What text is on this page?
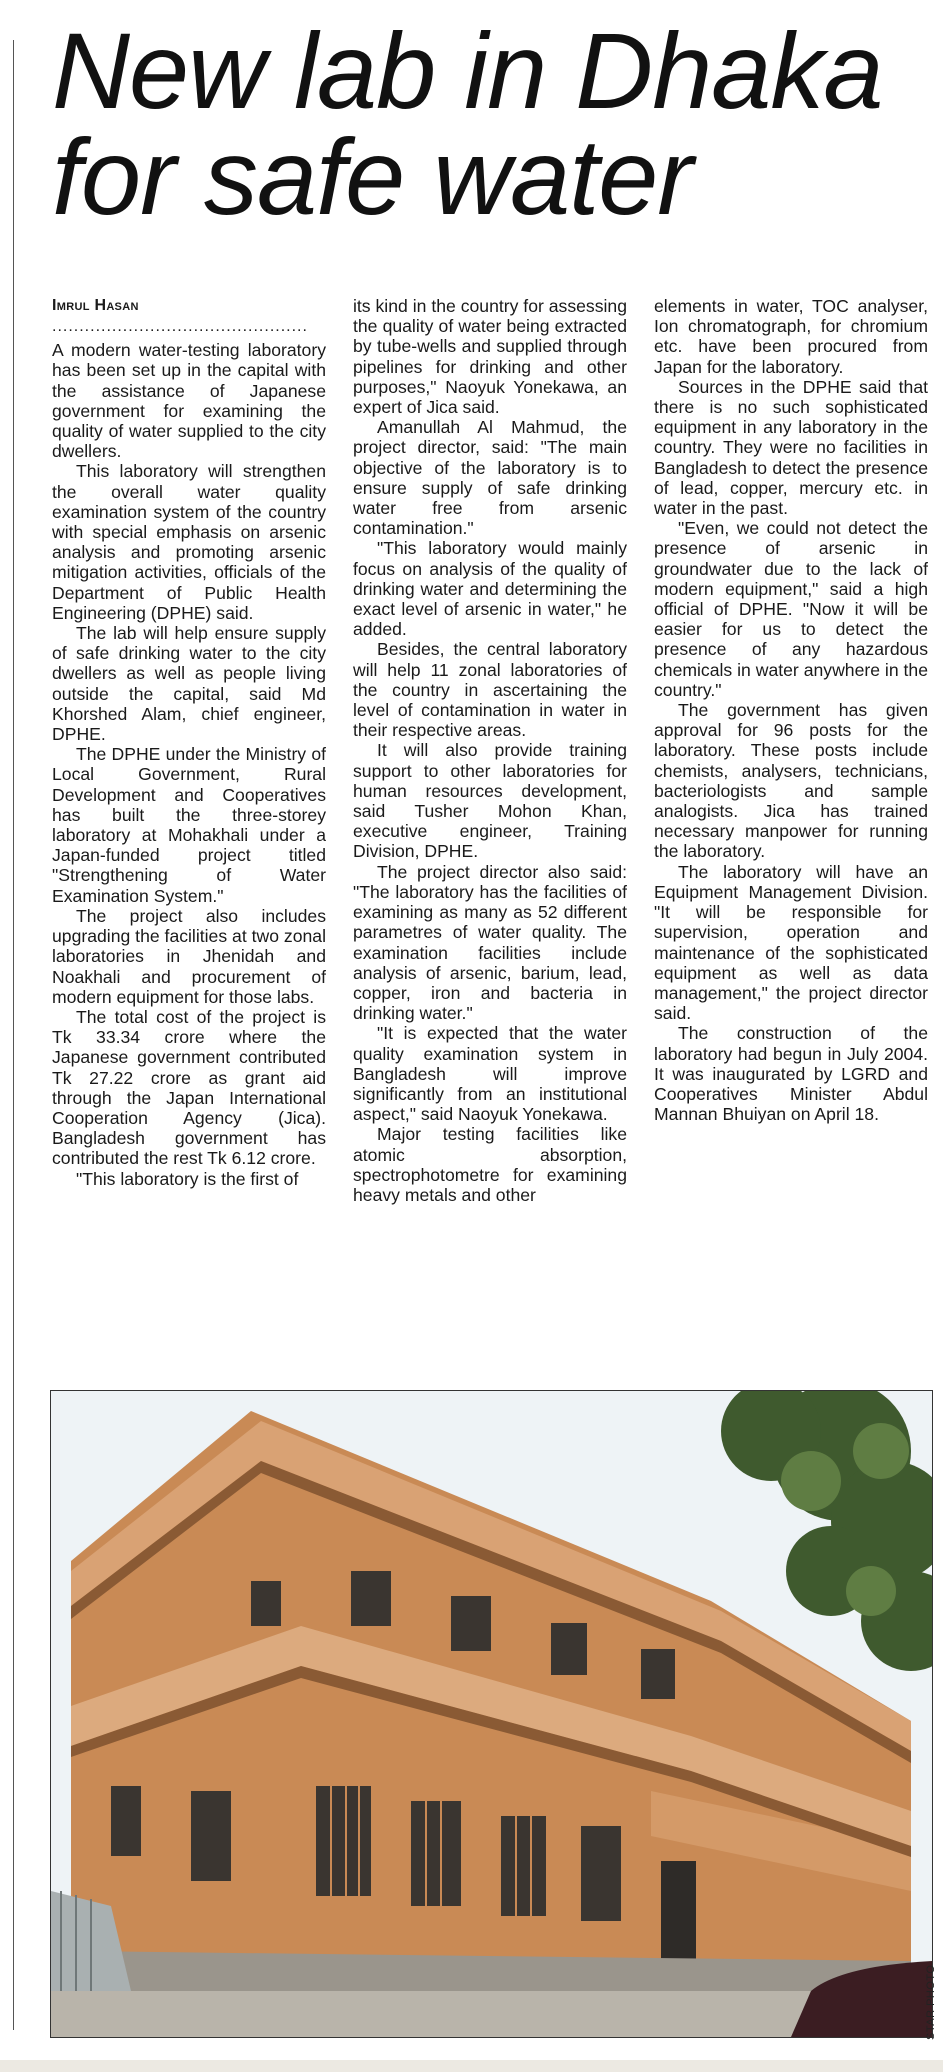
New lab in Dhaka for safe water
Imrul Hasan
...............................................

A modern water-testing laboratory has been set up in the capital with the assistance of Japanese government for examining the quality of water supplied to the city dwellers.

This laboratory will strengthen the overall water quality examination system of the country with special emphasis on arsenic analysis and promoting arsenic mitigation activities, officials of the Department of Public Health Engineering (DPHE) said.

The lab will help ensure supply of safe drinking water to the city dwellers as well as people living outside the capital, said Md Khorshed Alam, chief engineer, DPHE.

The DPHE under the Ministry of Local Government, Rural Development and Cooperatives has built the three-storey laboratory at Mohakhali under a Japan-funded project titled "Strengthening of Water Examination System."

The project also includes upgrading the facilities at two zonal laboratories in Jhenidah and Noakhali and procurement of modern equipment for those labs.

The total cost of the project is Tk 33.34 crore where the Japanese government contributed Tk 27.22 crore as grant aid through the Japan International Cooperation Agency (Jica). Bangladesh government has contributed the rest Tk 6.12 crore.

"This laboratory is the first of

its kind in the country for assessing the quality of water being extracted by tube-wells and supplied through pipelines for drinking and other purposes," Naoyuk Yonekawa, an expert of Jica said.

Amanullah Al Mahmud, the project director, said: "The main objective of the laboratory is to ensure supply of safe drinking water free from arsenic contamination."

"This laboratory would mainly focus on analysis of the quality of drinking water and determining the exact level of arsenic in water," he added.

Besides, the central laboratory will help 11 zonal laboratories of the country in ascertaining the level of contamination in water in their respective areas.

It will also provide training support to other laboratories for human resources development, said Tusher Mohon Khan, executive engineer, Training Division, DPHE.

The project director also said: "The laboratory has the facilities of examining as many as 52 different parametres of water quality. The examination facilities include analysis of arsenic, barium, lead, copper, iron and bacteria in drinking water."

"It is expected that the water quality examination system in Bangladesh will improve significantly from an institutional aspect," said Naoyuk Yonekawa.

Major testing facilities like atomic absorption, spectrophotometre for examining heavy metals and other

elements in water, TOC analyser, Ion chromatograph, for chromium etc. have been procured from Japan for the laboratory.

Sources in the DPHE said that there is no such sophisticated equipment in any laboratory in the country. They were no facilities in Bangladesh to detect the presence of lead, copper, mercury etc. in water in the past.

"Even, we could not detect the presence of arsenic in groundwater due to the lack of modern equipment," said a high official of DPHE. "Now it will be easier for us to detect the presence of any hazardous chemicals in water anywhere in the country."

The government has given approval for 96 posts for the laboratory. These posts include chemists, analysers, technicians, bacteriologists and sample analogists. Jica has trained necessary manpower for running the laboratory.

The laboratory will have an Equipment Management Division. "It will be responsible for supervision, operation and maintenance of the sophisticated equipment as well as data management," the project director said.

The construction of the laboratory had begun in July 2004. It was inaugurated by LGRD and Cooperatives Minister Abdul Mannan Bhuiyan on April 18.

STAR PHOTO
